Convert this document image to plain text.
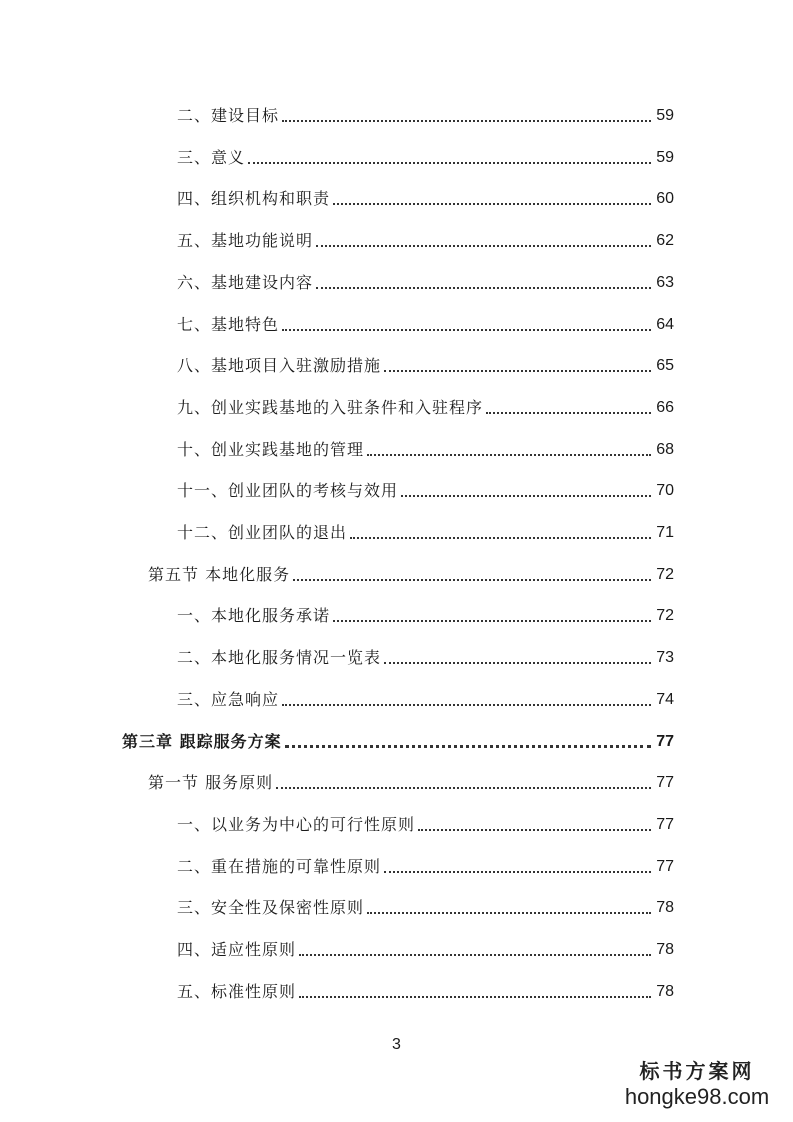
二、建设目标	59
三、意义	59
四、组织机构和职责	60
五、基地功能说明	62
六、基地建设内容	63
七、基地特色	64
八、基地项目入驻激励措施	65
九、创业实践基地的入驻条件和入驻程序	66
十、创业实践基地的管理	68
十一、创业团队的考核与效用	70
十二、创业团队的退出	71
第五节 本地化服务	72
一、本地化服务承诺	72
二、本地化服务情况一览表	73
三、应急响应	74
第三章 跟踪服务方案	77
第一节 服务原则	77
一、以业务为中心的可行性原则	77
二、重在措施的可靠性原则	77
三、安全性及保密性原则	78
四、适应性原则	78
五、标准性原则	78
3
标书方案网
hongke98.com
